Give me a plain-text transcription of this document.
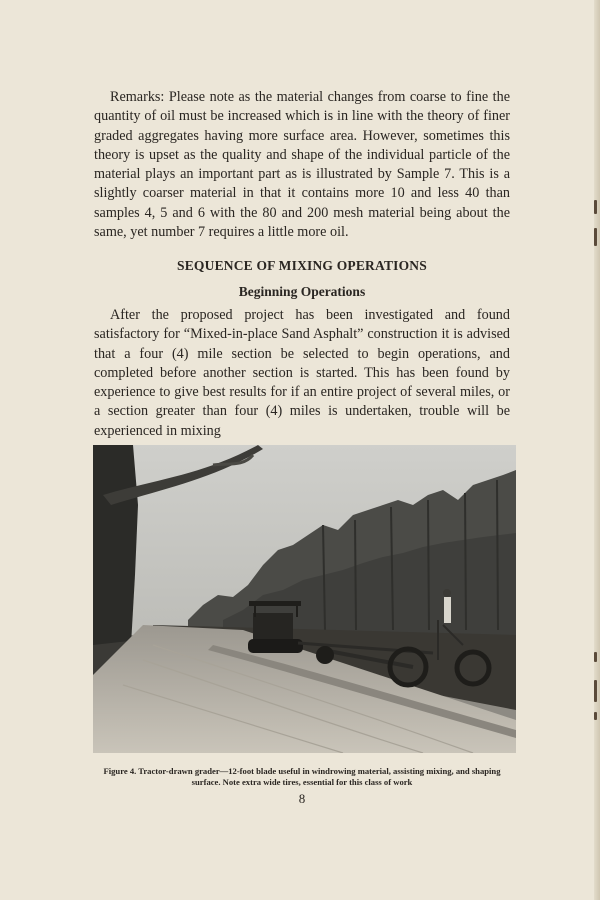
Remarks: Please note as the material changes from coarse to fine the quantity of oil must be increased which is in line with the theory of finer graded aggregates having more surface area. However, sometimes this theory is upset as the quality and shape of the individual particle of the material plays an important part as is illustrated by Sample 7. This is a slightly coarser material in that it contains more 10 and less 40 than samples 4, 5 and 6 with the 80 and 200 mesh material being about the same, yet number 7 requires a little more oil.
SEQUENCE OF MIXING OPERATIONS
Beginning Operations
After the proposed project has been investigated and found satisfactory for “Mixed-in-place Sand Asphalt” construction it is advised that a four (4) mile section be selected to begin operations, and completed before another section is started. This has been found by experience to give best results for if an entire project of several miles, or a section greater than four (4) miles is undertaken, trouble will be experienced in mixing
Figure 4. Tractor-drawn grader—12-foot blade useful in windrowing material, assisting mixing, and shaping surface. Note extra wide tires, essential for this class of work
8
